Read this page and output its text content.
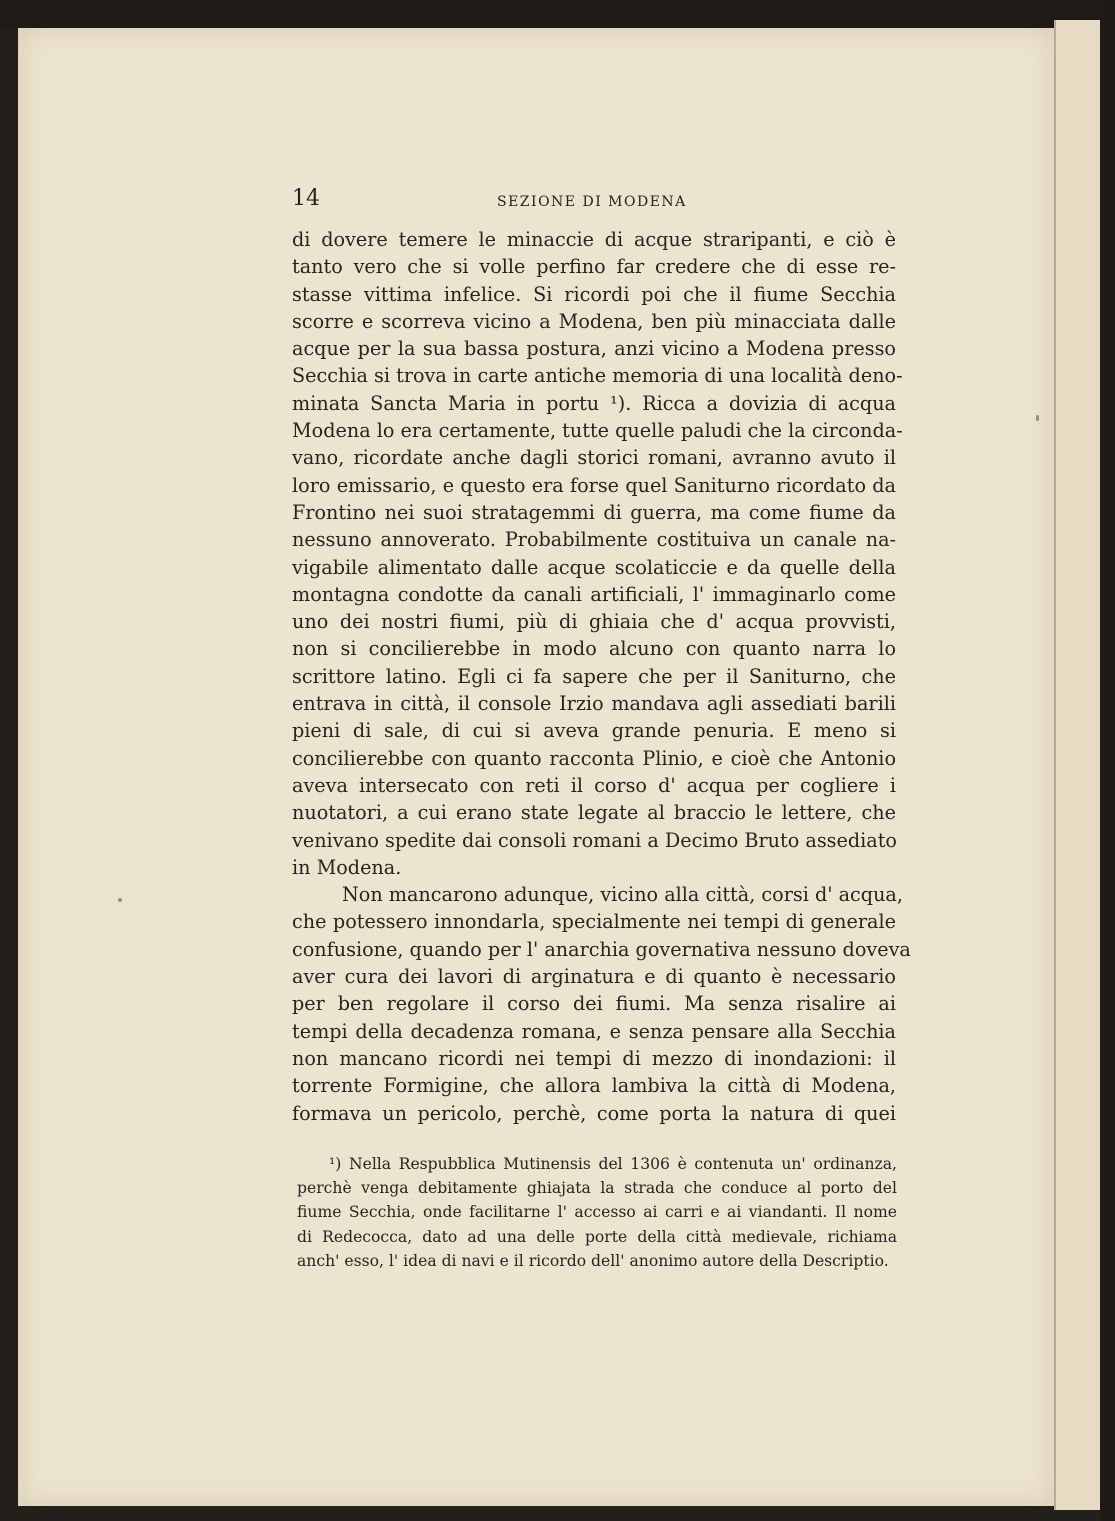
14	SEZIONE DI MODENA
di dovere temere le minaccie di acque straripanti, e ciò è
tanto vero che si volle perfino far credere che di esse re-
stasse vittima infelice. Si ricordi poi che il fiume Secchia
scorre e scorreva vicino a Modena, ben più minacciata dalle
acque per la sua bassa postura, anzi vicino a Modena presso
Secchia si trova in carte antiche memoria di una località deno-
minata Sancta Maria in portu ¹). Ricca a dovizia di acqua
Modena lo era certamente, tutte quelle paludi che la circonda-
vano, ricordate anche dagli storici romani, avranno avuto il
loro emissario, e questo era forse quel Saniturno ricordato da
Frontino nei suoi stratagemmi di guerra, ma come fiume da
nessuno annoverato. Probabilmente costituiva un canale na-
vigabile alimentato dalle acque scolaticcie e da quelle della
montagna condotte da canali artificiali, l' immaginarlo come
uno dei nostri fiumi, più di ghiaia che d' acqua provvisti,
non si concilierebbe in modo alcuno con quanto narra lo
scrittore latino. Egli ci fa sapere che per il Saniturno, che
entrava in città, il console Irzio mandava agli assediati barili
pieni di sale, di cui si aveva grande penuria. E meno si
concilierebbe con quanto racconta Plinio, e cioè che Antonio
aveva intersecato con reti il corso d' acqua per cogliere i
nuotatori, a cui erano state legate al braccio le lettere, che
venivano spedite dai consoli romani a Decimo Bruto assediato
in Modena.
Non mancarono adunque, vicino alla città, corsi d' acqua,
che potessero innondarla, specialmente nei tempi di generale
confusione, quando per l' anarchia governativa nessuno doveva
aver cura dei lavori di arginatura e di quanto è necessario
per ben regolare il corso dei fiumi. Ma senza risalire ai
tempi della decadenza romana, e senza pensare alla Secchia
non mancano ricordi nei tempi di mezzo di inondazioni: il
torrente Formigine, che allora lambiva la città di Modena,
formava un pericolo, perchè, come porta la natura di quei
¹) Nella Respubblica Mutinensis del 1306 è contenuta un' ordinanza,
perchè venga debitamente ghiajata la strada che conduce al porto del
fiume Secchia, onde facilitarne l' accesso ai carri e ai viandanti. Il nome
di Redecocca, dato ad una delle porte della città medievale, richiama
anch' esso, l' idea di navi e il ricordo dell' anonimo autore della Descriptio.
